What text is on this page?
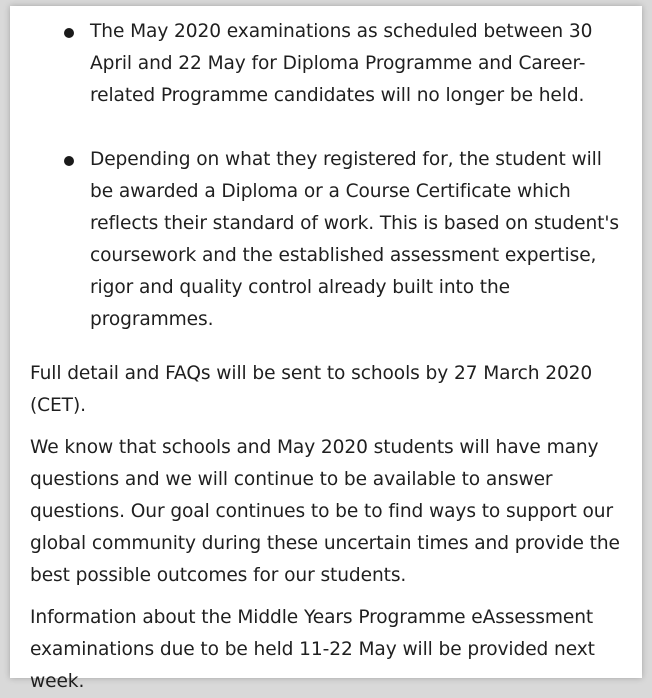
The May 2020 examinations as scheduled between 30 April and 22 May for Diploma Programme and Career-related Programme candidates will no longer be held.
Depending on what they registered for, the student will be awarded a Diploma or a Course Certificate which reflects their standard of work. This is based on student's coursework and the established assessment expertise, rigor and quality control already built into the programmes.

Full detail and FAQs will be sent to schools by 27 March 2020 (CET).

We know that schools and May 2020 students will have many questions and we will continue to be available to answer questions. Our goal continues to be to find ways to support our global community during these uncertain times and provide the best possible outcomes for our students.

Information about the Middle Years Programme eAssessment examinations due to be held 11-22 May will be provided next week.
